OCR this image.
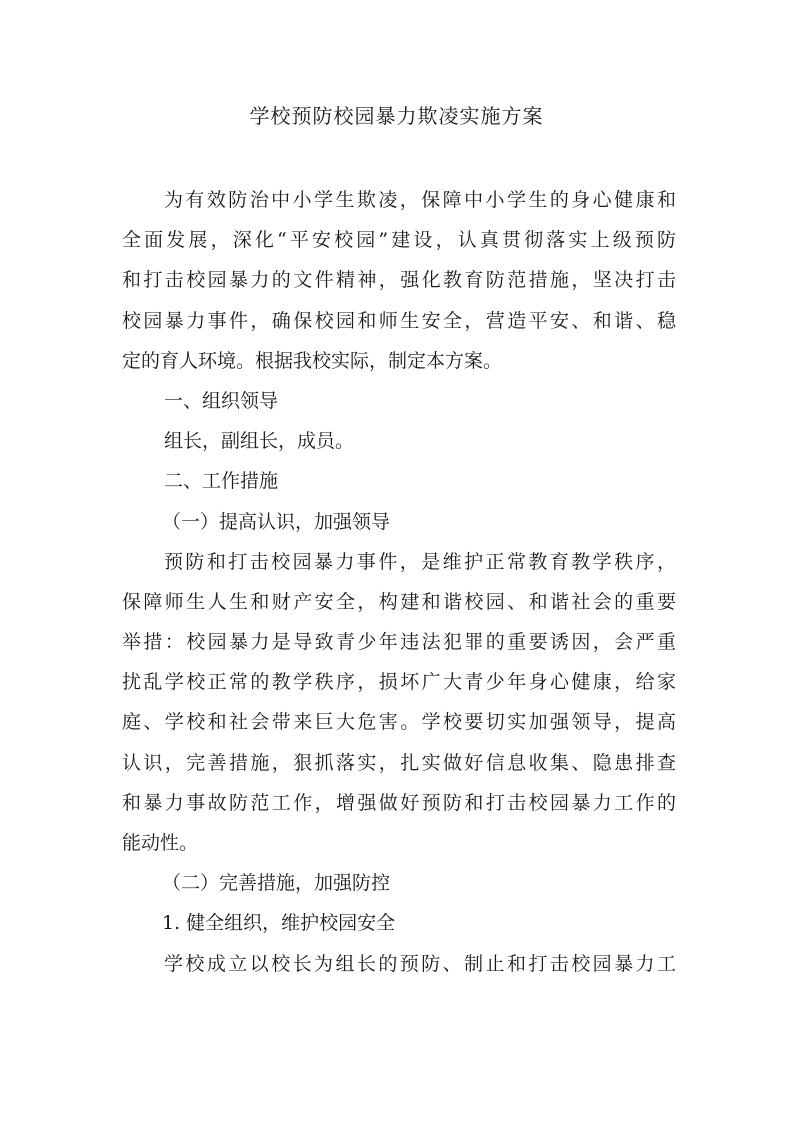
学校预防校园暴力欺凌实施方案
为有效防治中小学生欺凌，保障中小学生的身心健康和
全面发展，深化“平安校园”建设，认真贯彻落实上级预防
和打击校园暴力的文件精神，强化教育防范措施，坚决打击
校园暴力事件，确保校园和师生安全，营造平安、和谐、稳
定的育人环境。根据我校实际，制定本方案。
一、组织领导
组长，副组长，成员。
二、工作措施
（一）提高认识，加强领导
预防和打击校园暴力事件，是维护正常教育教学秩序，
保障师生人生和财产安全，构建和谐校园、和谐社会的重要
举措：校园暴力是导致青少年违法犯罪的重要诱因，会严重
扰乱学校正常的教学秩序，损坏广大青少年身心健康，给家
庭、学校和社会带来巨大危害。学校要切实加强领导，提高
认识，完善措施，狠抓落实，扎实做好信息收集、隐患排查
和暴力事故防范工作，增强做好预防和打击校园暴力工作的
能动性。
（二）完善措施，加强防控
1. 健全组织，维护校园安全
学校成立以校长为组长的预防、制止和打击校园暴力工
